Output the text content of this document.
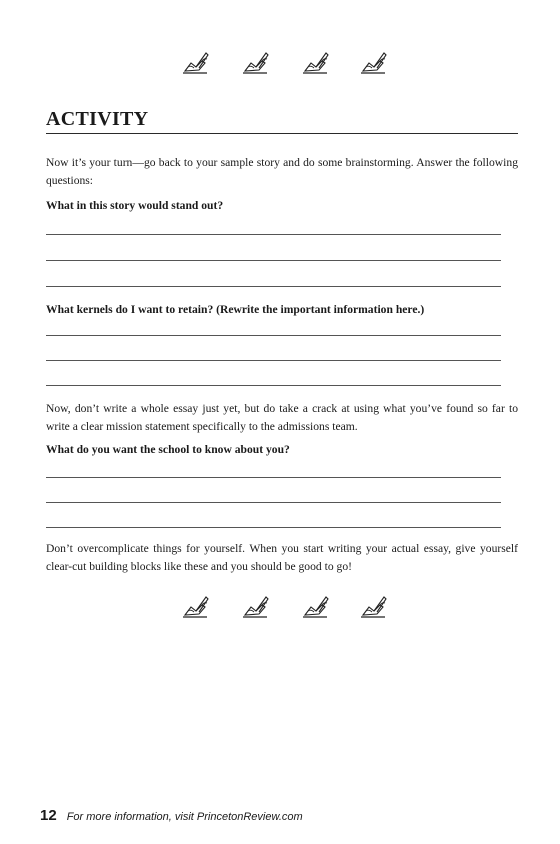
ACTIVITY

Now it’s your turn—go back to your sample story and do some brainstorming. Answer the following questions:

What in this story would stand out?

What kernels do I want to retain? (Rewrite the important information here.)

Now, don’t write a whole essay just yet, but do take a crack at using what you’ve found so far to write a clear mission statement specifically to the admissions team.

What do you want the school to know about you?

Don’t overcomplicate things for yourself. When you start writing your actual essay, give yourself clear-cut building blocks like these and you should be good to go!

12 For more information, visit PrincetonReview.com
